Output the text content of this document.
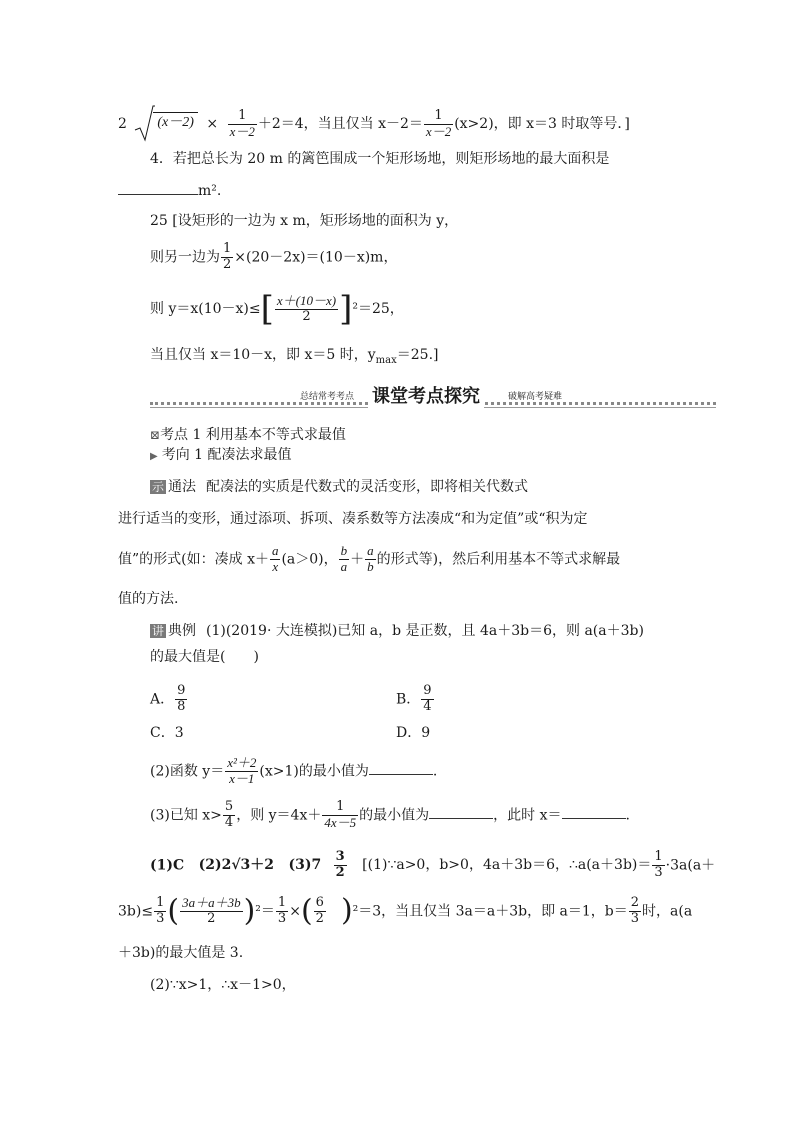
2 $(x-2) \times \frac{1}{x-2} +2=4$，当且仅当 $x-2= \frac{1}{x-2} (x>2)$，即 x＝3 时取等号．]
4．若把总长为 20 m 的篱笆围成一个矩形场地，则矩形场地的最大面积是
m².
25 [设矩形的一边为 x m，矩形场地的面积为 y，
则另一边为 $\frac{1}{2} \times(20-2x)=(10-x)m$，
则 $y=x(10-x)\le[ \frac{x+(10-x)}{2} ]^2=25$，
当且仅当 x＝10－x，即 x＝5 时，$y_{max}=25$.]
总结常考考点 课堂考点探究	破解高考疑难
⊠考点 1 利用基本不等式求最值
▶ 考向 1 配凑法求最值
示 通法 配凑法的实质是代数式的灵活变形，即将相关代数式
进行适当的变形，通过添项、拆项、凑系数等方法凑成“和为定值”或“积为定
值”的形式(如：凑成 $x+ \frac{a}{x} (a>0)$， $\frac{b}{a} + \frac{a}{b}$ 的形式等)，然后利用基本不等式求解最
值的方法.
讲 典例 (1)(2019· 大连模拟)已知 a，b 是正数，且 4a＋3b＝6，则 a(a＋3b)
的最大值是(　　)
A． $\frac{9}{8}$	B． $\frac{9}{4}$
C．3	D．9
(2)函数 $y= \frac{\text{x²＋2}}{x-1} (x>1)$的最小值为	.
(3)已知 $x> \frac{5}{4}$ ，则 $y=4x+ \frac{1}{4x-5}$ 的最小值为	，此时 x＝	.
(1)C (2)2√3＋2 $(3)7 \frac{3}{2}$ [(1)∵a>0，b>0，4a＋3b＝6，∴a(a＋3b)＝ $\frac{1}{3} \cdot 3a(a+$
$3b)\le \frac{1}{3}$ ( $\frac{3a+a+3b}{2} )^2= \frac{1}{3}$ ×( $\frac{6}{2} )^2=3$，当且仅当 3a＝a＋3b，即 a＝1，$b= \frac{2}{3}$ 时，a(a
＋3b)的最大值是 3.
(2)∵x>1，∴x－1>0，
